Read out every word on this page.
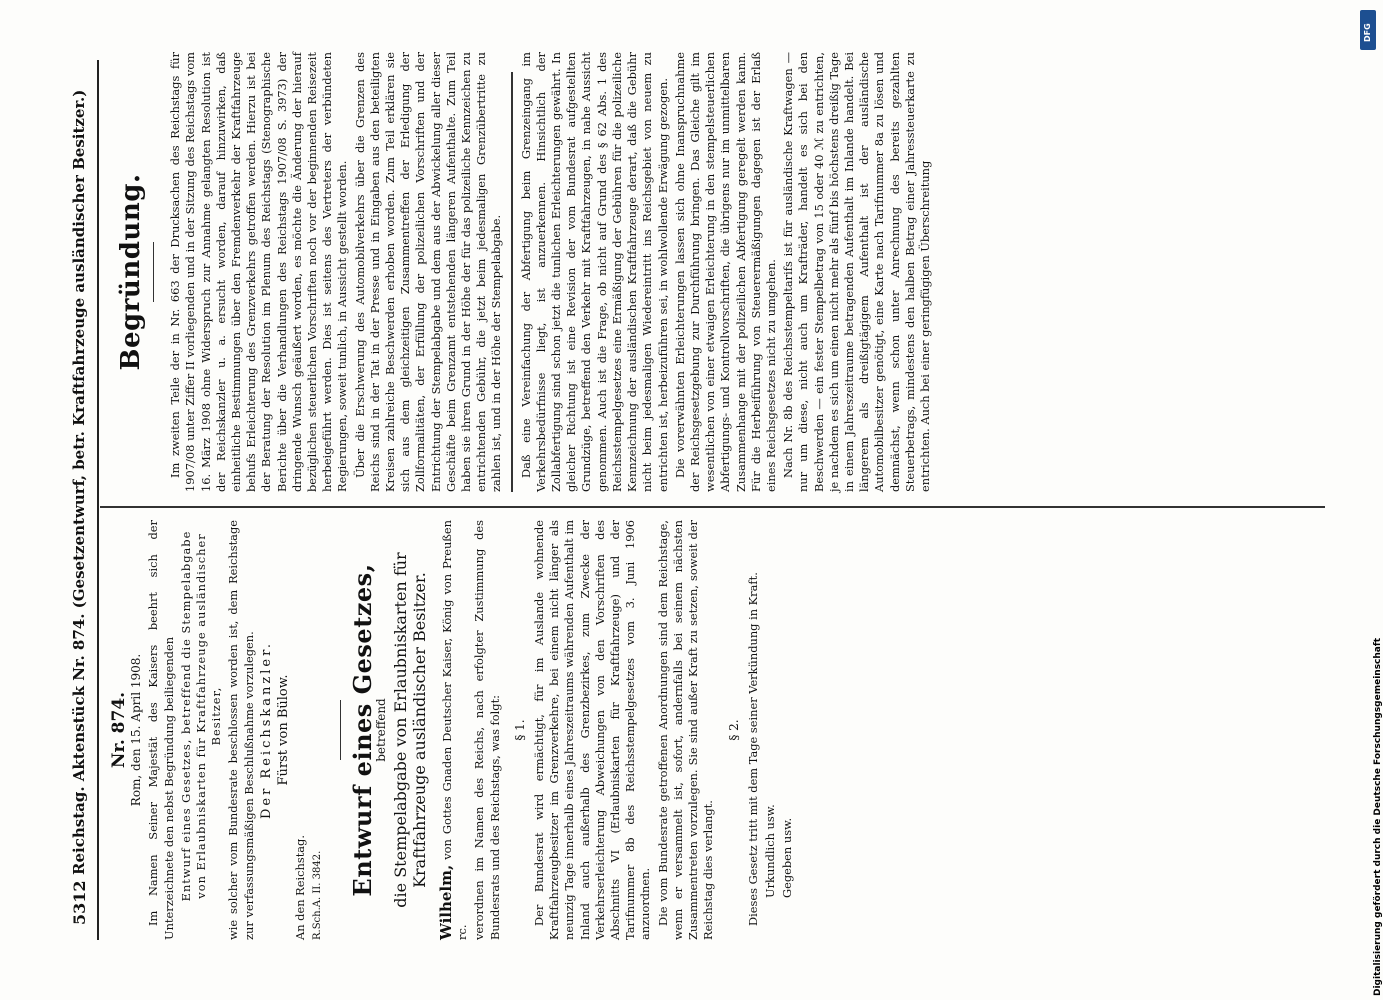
5312
Reichstag. Aktenstück Nr. 874. (Gesetzentwurf, betr. Kraftfahrzeuge ausländischer Besitzer.) Nr. 874. Rom, den 15. April 1908. Im Namen Seiner Majestät des Kaisers beehrt sich der Unterzeichnete den nebst Begründung beiliegenden Entwurf eines Gesetzes, betreffend die Stempelabgabe von Erlaubniskarten für Kraftfahrzeuge ausländischer Besitzer, wie solcher vom Bundesrate beschlossen worden ist, dem Reichstage zur verfassungsmäßigen Beschlußnahme vorzulegen. Der Reichskanzler. Fürst von Bülow.

An den Reichstag. R.Sch.A. II. 3842. Entwurf eines Gesetzes,
betreffend die Stempelabgabe von Erlaubniskarten für Kraftfahrzeuge ausländischer Besitzer.

Wilhelm, von Gottes Gnaden Deutscher Kaiser, König von Preußen rc. verordnen im Namen des Reichs, nach erfolgter Zustimmung des Bundesrats und des Reichstags, was folgt: § 1. Der Bundesrat wird ermächtigt, für im Auslande wohnende Kraftfahrzeugbesitzer im Grenzverkehre, bei einem nicht länger als neunzig Tage innerhalb eines Jahreszeitraums währenden Aufenthalt im Inland auch außerhalb des Grenzbezirkes, zum Zwecke der Verkehrserleichterung Abweichungen von den Vorschriften des Abschnitts VI (Erlaubniskarten für Kraftfahrzeuge) und der Tarifnummer 8b des Reichsstempelgesetzes vom 3. Juni 1906 anzuordnen. Die vom Bundesrate getroffenen Anordnungen sind dem Reichstage, wenn er versammelt ist, sofort, andernfalls bei seinem nächsten Zusammentreten vorzulegen. Sie sind außer Kraft zu setzen, soweit der Reichstag dies verlangt.

§ 2. Dieses Gesetz tritt mit dem Tage seiner Verkündung in Kraft. Urkundlich usw. Gegeben usw.

Begründung. Im zweiten Teile der in Nr. 663 der Drucksachen des Reichstags für 1907/08 unter Ziffer II vorliegenden und in der Sitzung des Reichstags vom 16. März 1908 ohne Widerspruch zur Annahme gelangten Resolution ist der Reichskanzler u. a. ersucht worden, darauf hinzuwirken, daß einheitliche Bestimmungen über den Fremdenverkehr der Kraftfahrzeuge behufs Erleichterung des Grenzverkehrs getroffen werden. Hierzu ist bei der Beratung der Resolution im Plenum des Reichstags (Stenographische Berichte über die Verhandlungen des Reichstags 1907/08 S. 3973) der dringende Wunsch geäußert worden, es möchte die Änderung der hierauf bezüglichen steuerlichen Vorschriften noch vor der beginnenden Reisezeit herbeigeführt werden. Dies ist seitens des Vertreters der verbündeten Regierungen, soweit tunlich, in Aussicht gestellt worden. Über die Erschwerung des Automobilverkehrs über die Grenzen des Reichs sind in der Tat in der Presse und in Eingaben aus den beteiligten Kreisen zahlreiche Beschwerden erhoben worden. Zum Teil erklären sie sich aus dem gleichzeitigen Zusammentreffen der Erledigung der Zollformalitäten, der Erfüllung der polizeilichen Vorschriften und der Entrichtung der Stempelabgabe und dem aus der Abwickelung aller dieser Geschäfte beim Grenzamt entstehenden längeren Aufenthalte. Zum Teil haben sie ihren Grund in der Höhe der für das polizeiliche Kennzeichen zu entrichtenden Gebühr, die jetzt beim jedesmaligen Grenzübertritte zu zahlen ist, und in der Höhe der Stempelabgabe. Daß eine Vereinfachung der Abfertigung beim Grenzeingang im Verkehrsbedürfnisse liegt, ist anzuerkennen. Hinsichtlich der Zollabfertigung sind schon jetzt die tunlichen Erleichterungen gewährt. In gleicher Richtung ist eine Revision der vom Bundesrat aufgestellten Grundzüge, betreffend den Verkehr mit Kraftfahrzeugen, in nahe Aussicht genommen. Auch ist die Frage, ob nicht auf Grund des § 62 Abs. 1 des Reichsstempelgesetzes eine Ermäßigung der Gebühren für die polizeiliche Kennzeichnung der ausländischen Kraftfahrzeuge derart, daß die Gebühr nicht beim jedesmaligen Wiedereintritt ins Reichsgebiet von neuem zu entrichten ist, herbeizuführen sei, in wohlwollende Erwägung gezogen. Die vorerwähnten Erleichterungen lassen sich ohne Inanspruchnahme der Reichsgesetzgebung zur Durchführung bringen. Das Gleiche gilt im wesentlichen von einer etwaigen Erleichterung in den stempelsteuerlichen Abfertigungs- und Kontrollvorschriften, die übrigens nur im unmittelbaren Zusammenhange mit der polizeilichen Abfertigung geregelt werden kann. Für die Herbeiführung von Steuerermäßigungen dagegen ist der Erlaß eines Reichsgesetzes nicht zu umgehen. Nach Nr. 8b des Reichsstempeltarifs ist für ausländische Kraftwagen — nur um diese, nicht auch um Krafträder, handelt es sich bei den Beschwerden — ein fester Stempelbetrag von 15 oder 40 ℳ zu entrichten, je nachdem es sich um einen nicht mehr als fünf bis höchstens dreißig Tage in einem Jahreszeitraume betragenden Aufenthalt im Inlande handelt. Bei längerem als dreißigtägigem Aufenthalt ist der ausländische Automobilbesitzer genötigt, eine Karte nach Tarifnummer 8a zu lösen und demnächst, wenn schon unter Anrechnung des bereits gezahlten Steuerbetrags, mindestens den halben Betrag einer Jahressteuerkarte zu entrichten. Auch bei einer geringfügigen Überschreitung

DFG
Digitalisierung gefördert durch die Deutsche Forschungsgemeinschaft
